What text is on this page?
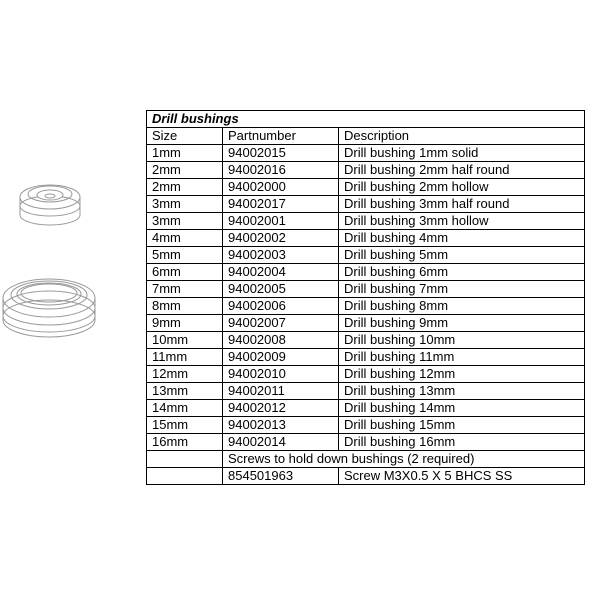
Drill bushings		
Size	Partnumber	Description
1mm	94002015	Drill bushing 1mm solid
2mm	94002016	Drill bushing 2mm half round
2mm	94002000	Drill bushing 2mm hollow
3mm	94002017	Drill bushing 3mm half round
3mm	94002001	Drill bushing 3mm hollow
4mm	94002002	Drill bushing 4mm
5mm	94002003	Drill bushing 5mm
6mm	94002004	Drill bushing 6mm
7mm	94002005	Drill bushing 7mm
8mm	94002006	Drill bushing 8mm
9mm	94002007	Drill bushing 9mm
10mm	94002008	Drill bushing 10mm
11mm	94002009	Drill bushing 11mm
12mm	94002010	Drill bushing 12mm
13mm	94002011	Drill bushing 13mm
14mm	94002012	Drill bushing 14mm
15mm	94002013	Drill bushing 15mm
16mm	94002014	Drill bushing 16mm
	Screws to hold down bushings (2 required)	
	854501963	Screw M3X0.5 X 5 BHCS SS
